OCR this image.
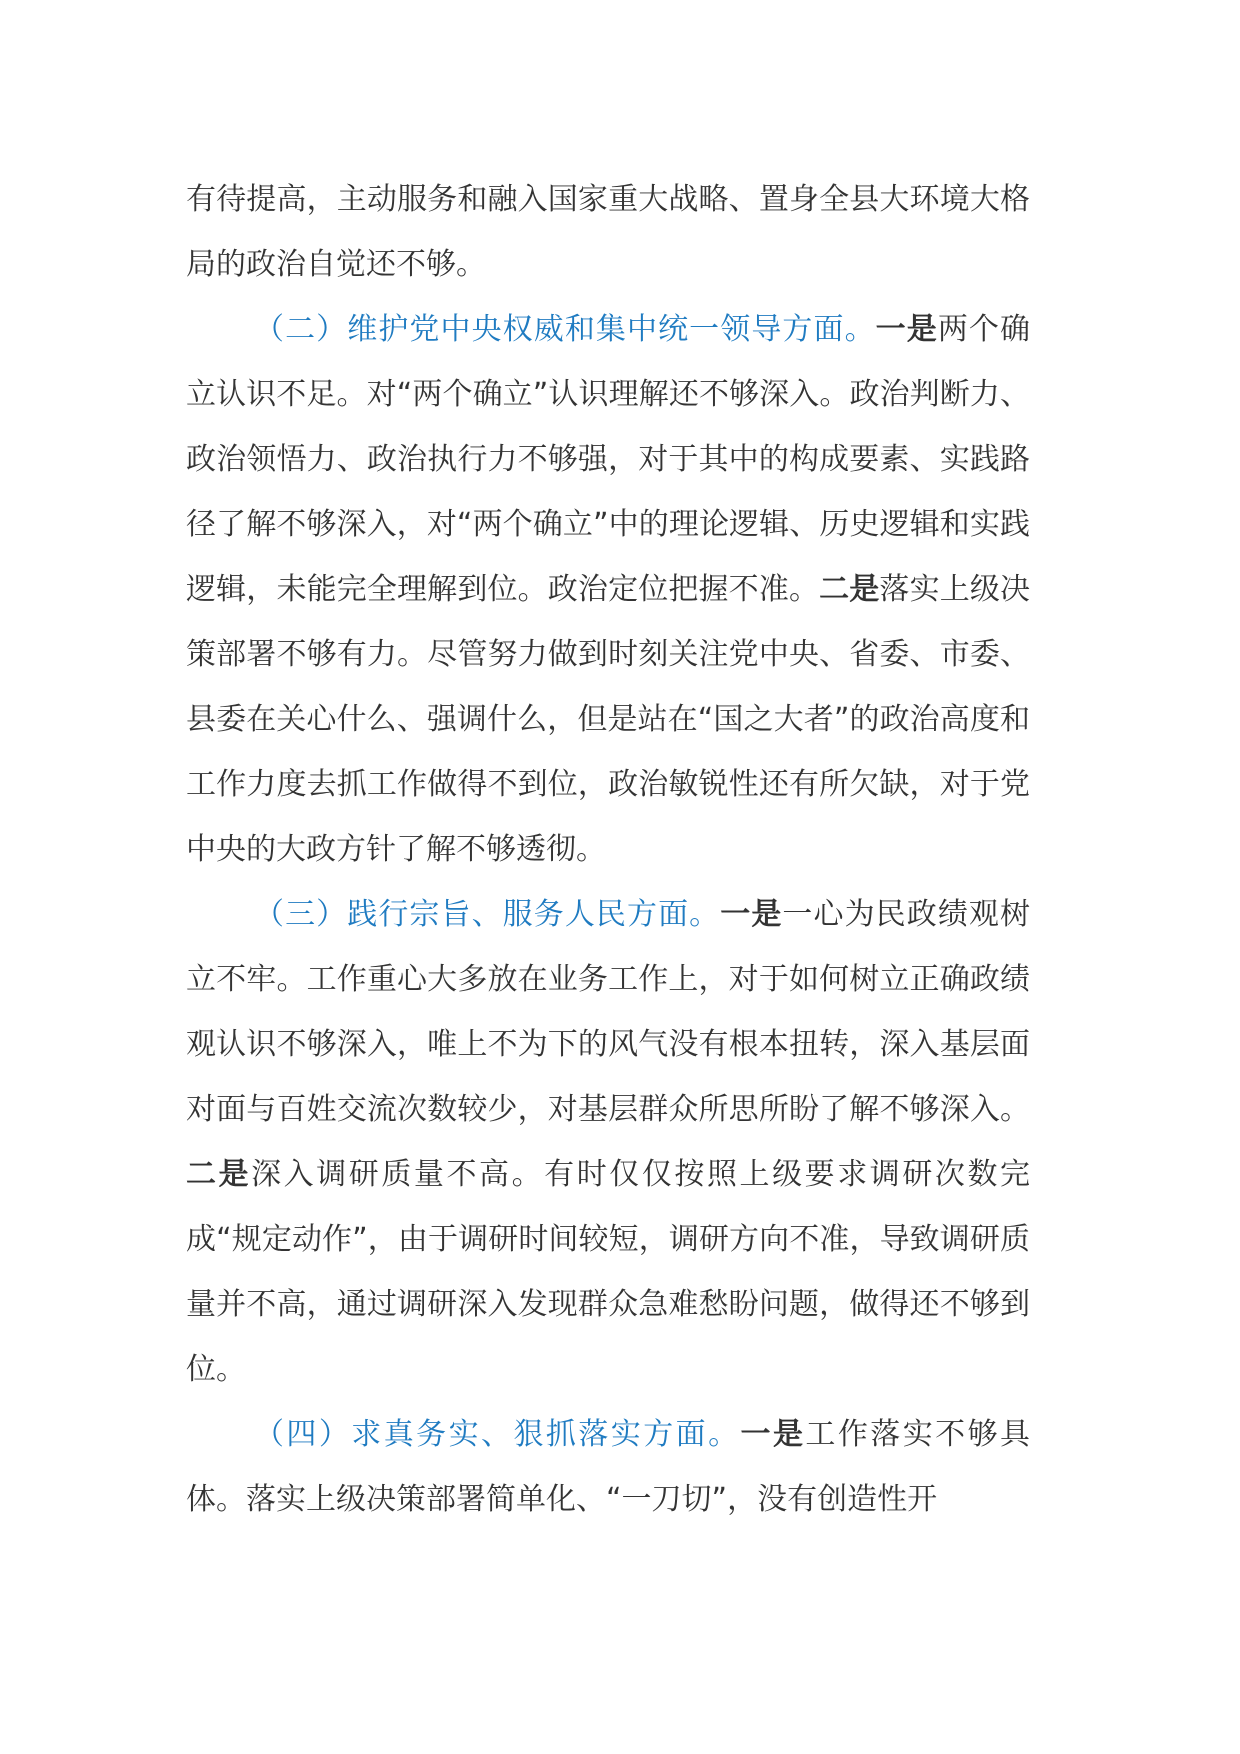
有待提高，主动服务和融入国家重大战略、置身全县大环境大格局的政治自觉还不够。

（二）维护党中央权威和集中统一领导方面。一是两个确立认识不足。对“两个确立”认识理解还不够深入。政治判断力、政治领悟力、政治执行力不够强，对于其中的构成要素、实践路径了解不够深入，对“两个确立”中的理论逻辑、历史逻辑和实践逻辑，未能完全理解到位。政治定位把握不准。二是落实上级决策部署不够有力。尽管努力做到时刻关注党中央、省委、市委、县委在关心什么、强调什么，但是站在“国之大者”的政治高度和工作力度去抓工作做得不到位，政治敏锐性还有所欠缺，对于党中央的大政方针了解不够透彻。

（三）践行宗旨、服务人民方面。一是一心为民政绩观树立不牢。工作重心大多放在业务工作上，对于如何树立正确政绩观认识不够深入，唯上不为下的风气没有根本扭转，深入基层面对面与百姓交流次数较少，对基层群众所思所盼了解不够深入。二是深入调研质量不高。有时仅仅按照上级要求调研次数完成“规定动作”，由于调研时间较短，调研方向不准，导致调研质量并不高，通过调研深入发现群众急难愁盼问题，做得还不够到位。

（四）求真务实、狠抓落实方面。一是工作落实不够具体。落实上级决策部署简单化、“一刀切”，没有创造性开
